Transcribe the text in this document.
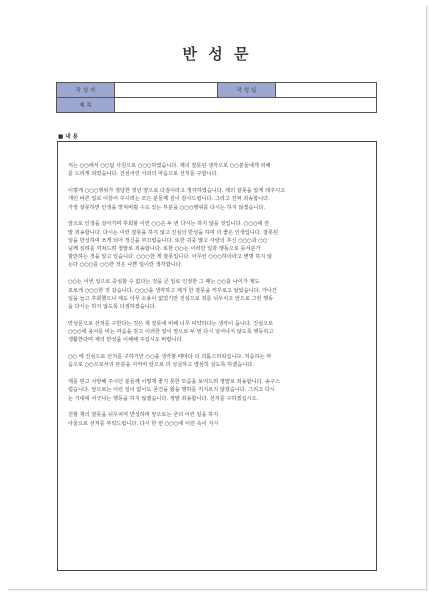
반 성 문
작 성 자		작 성 일	
제 목			
■ 내 용
저는 ○○에서 ○○팀 사원으로 ○○○하였습니다. 제의 잘못된 생각으로 ○○분들에게 피해
를 드리게 되었습니다. 진심어린 사과의 마음으로 선처를 구합니다.
이렇게 ○○○행위가 정당한 것인 양으로 다짐이라고 생각하였습니다. 제의 잘못을 알게 돼주시고
개인 바른 일로 이끌어 주시려는 모든 분들께 깊이 감사드립니다. 그리고 진짜 죄송합니다.
가장 잘못하면 인생을 망쳐버릴 수도 있는 부분을 ○○○행위를 다시는 하지 않겠습니다.
앞으로 인생을 살아가며 후회할 이런 ○○은 두 번 다시는 하지 않을 것입니다. ○○○에 전
말 죄송합니다. 다시는 이런 잘못을 하지 않고 진심의 반성을 하며 더 좋은 인생입니다. 잘못된
일을 반성하여 쓰게 되어 정신을 부끄럽습니다. 또한 귀중 많고 사랑의 후신 ○○○과 ○○
님께 심려를 끼쳐드려 정말로 죄송합니다. 또한 ○○는 이러한 일과 행동으로 동서분가
할만하는 것을 알고 있습니다. ○○○한 게 잘못입니다. 아무런 ○○○하더라고 변명 하지 않
는다 ○○○를 ○○한 것은 나쁜 일이란 생각합니다.
○○는 이번 일으로 중심할 수 없다는 것을 큰 일로 인정한 그 때는 ○○를 나이가 제도
로로게 ○○○한 것 같습니다. ○○○을 생각하고 제가 한 잘못을 꺼꾸로고 알았습니다. 가나간
일을 늘고 후회했으나 제도 아무 소용이 없었기만 진심으로 죄를 뉘우치고 앞으로 그런 행동
을 다시는 하지 않도록 다짐하겠습니다.
반성문으로 선처를 구한다는 것은 제 잘못에 비해 너무 미약하다는 생각이 듭니다. 진심으로
○○○에 용서를 비는 마음을 갖고 이러한 일이 앞으로 두 번 다시 일어나지 않도록 행동하고
생활한다며 제의 반성을 이해해 주십시오 바랍니다.
○○ 에 진심으로 선처를 구하기만 ○○을 생각할 때마다 더 괴롭스러워집니다. 처음하는 마
음으로 ○○으로서의 본분을 지켜며 앞으로 더 성실하고 열심히 살도록 하겠습니다.
제를 믿고 사랑해 주시던 분들께 이렇게 좋지 못한 모습을 보여드려 정말로 죄송합니다. 송구스
럽습니다. 앞으로는 이런 일이 없이도 굳건을 왔을 행하를 저지르지 않겠습니다. 그리고 다시
는 거대에 어긋나는 행동을 하지 않겠습니다. 정말 죄송합니다. 선처를 구하겠십시오.
진할 제의 잘못을 뉘우치며 반성하며 앞으로는 굳더 이런 일을 하지
아울으로 선처를 부탁드립니다. 다시 한 번 ○○○에 이런 속이 지시
